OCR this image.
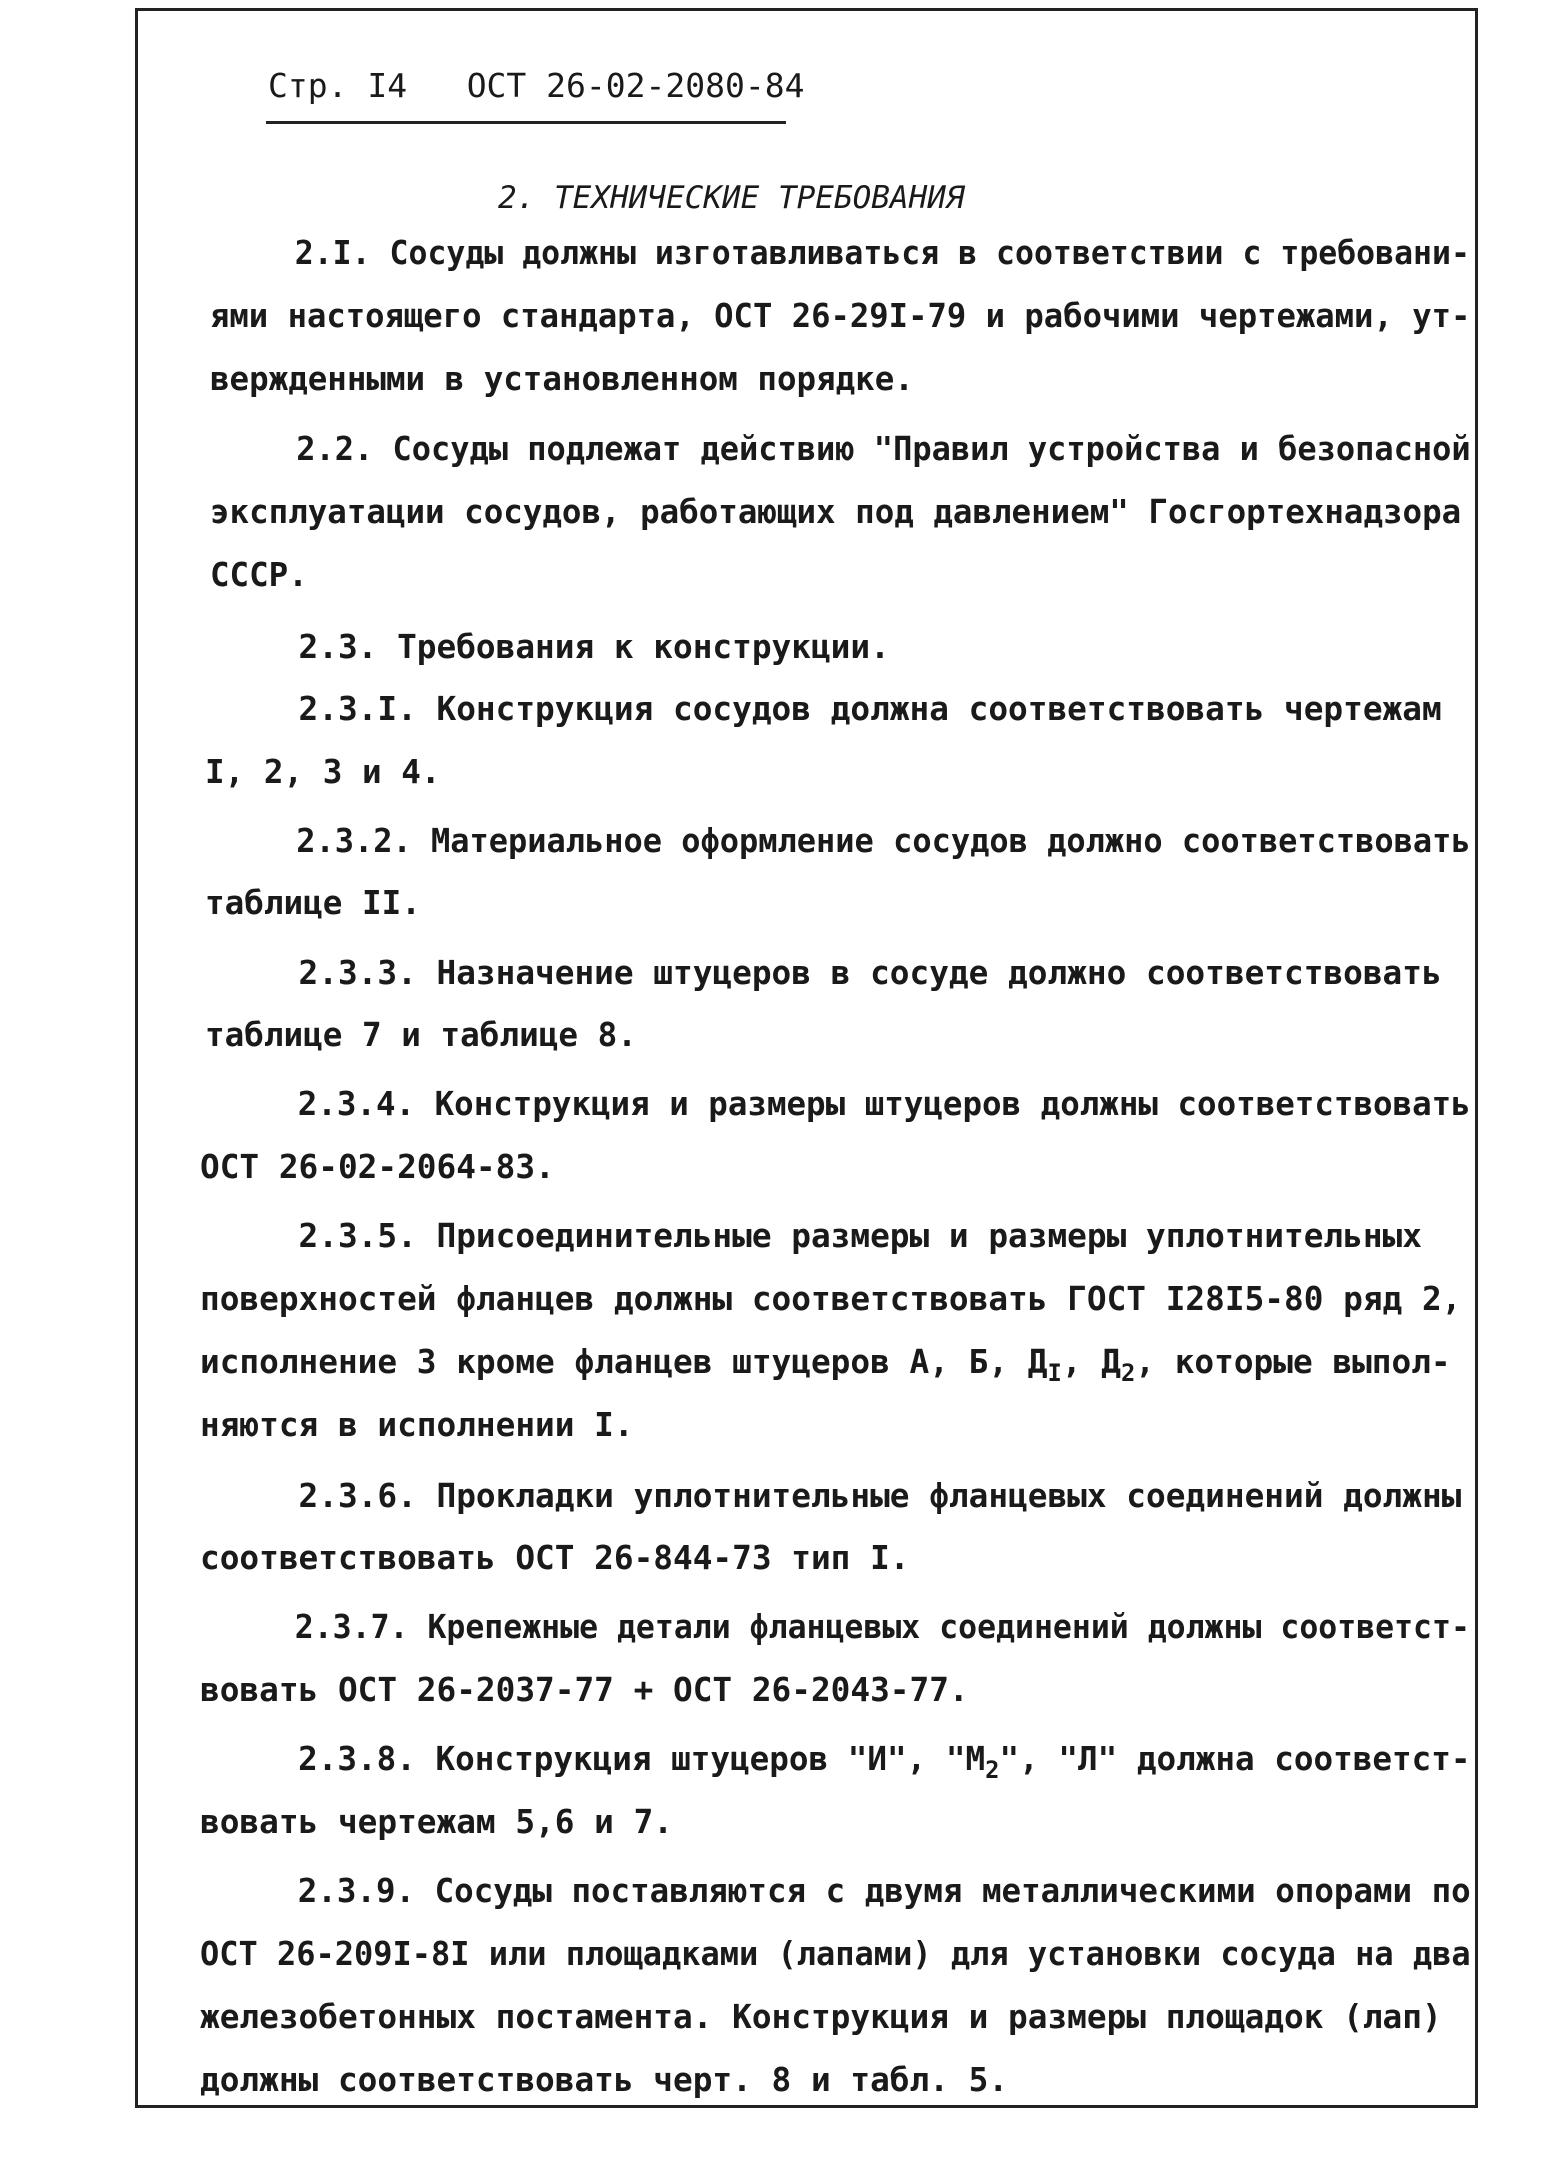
Стр. I4 ОСТ 26-02-2080-84
2. ТЕХНИЧЕСКИЕ ТРЕБОВАНИЯ
2.I. Сосуды должны изготавливаться в соответствии с требовани-
ями настоящего стандарта, ОСТ 26-29I-79 и рабочими чертежами, ут-
вержденными в установленном порядке.
2.2. Сосуды подлежат действию "Правил устройства и безопасной
эксплуатации сосудов, работающих под давлением" Госгортехнадзора
СССР.
2.3. Требования к конструкции.
2.3.I. Конструкция сосудов должна соответствовать чертежам
I, 2, 3 и 4.
2.3.2. Материальное оформление сосудов должно соответствовать
таблице II.
2.3.3. Назначение штуцеров в сосуде должно соответствовать
таблице 7 и таблице 8.
2.3.4. Конструкция и размеры штуцеров должны соответствовать
ОСТ 26-02-2064-83.
2.3.5. Присоединительные размеры и размеры уплотнительных
поверхностей фланцев должны соответствовать ГОСТ I28I5-80 ряд 2,
исполнение 3 кроме фланцев штуцеров А, Б, $Д_I$, $Д_2$, которые выпол-
няются в исполнении I.
2.3.6. Прокладки уплотнительные фланцевых соединений должны
соответствовать ОСТ 26-844-73 тип I.
2.3.7. Крепежные детали фланцевых соединений должны соответст-
вовать ОСТ 26-2037-77 + ОСТ 26-2043-77.
2.3.8. Конструкция штуцеров "И", "$М_2$", "Л" должна соответст-
вовать чертежам 5,6 и 7.
2.3.9. Сосуды поставляются с двумя металлическими опорами по
ОСТ 26-209I-8I или площадками (лапами) для установки сосуда на два
железобетонных постамента. Конструкция и размеры площадок (лап)
должны соответствовать черт. 8 и табл. 5.
